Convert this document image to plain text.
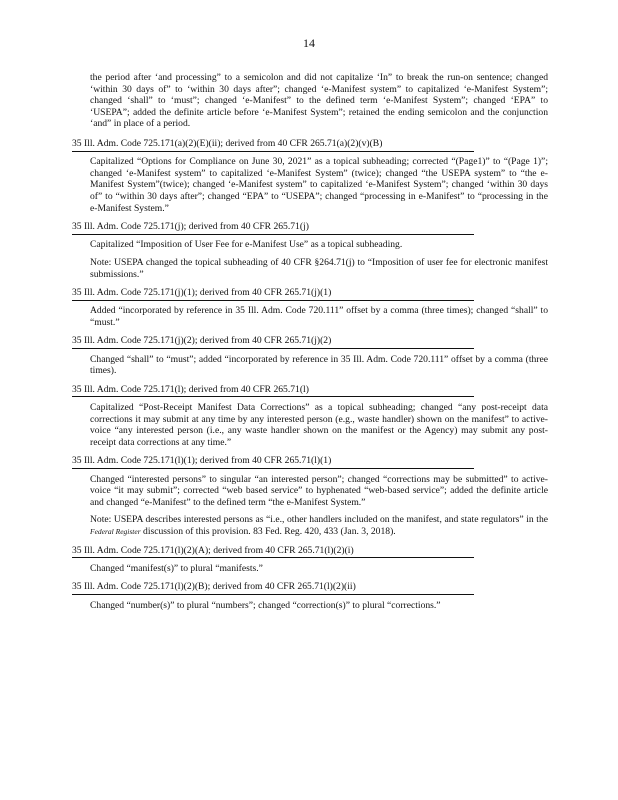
14
the period after ‘and processing” to a semicolon and did not capitalize ‘In” to break the run-on sentence; changed ‘within 30 days of” to ‘within 30 days after”; changed ‘e-Manifest system” to capitalized ‘e-Manifest System”; changed ‘shall” to ‘must”; changed ‘e-Manifest” to the defined term ‘e-Manifest System”; changed ‘EPA” to ‘USEPA”; added the definite article before ‘e-Manifest System”; retained the ending semicolon and the conjunction ‘and” in place of a period.
35 Ill. Adm. Code 725.171(a)(2)(E)(ii); derived from 40 CFR 265.71(a)(2)(v)(B)
Capitalized “Options for Compliance on June 30, 2021” as a topical subheading; corrected “(Page1)” to “(Page 1)”; changed ‘e-Manifest system” to capitalized ‘e-Manifest System” (twice); changed “the USEPA system” to “the e-Manifest System”(twice); changed ‘e-Manifest system” to capitalized ‘e-Manifest System”; changed ‘within 30 days of” to “within 30 days after”; changed “EPA” to “USEPA”; changed “processing in e-Manifest” to “processing in the e-Manifest System.”
35 Ill. Adm. Code 725.171(j); derived from 40 CFR 265.71(j)
Capitalized “Imposition of User Fee for e-Manifest Use” as a topical subheading.
Note: USEPA changed the topical subheading of 40 CFR §264.71(j) to “Imposition of user fee for electronic manifest submissions.”
35 Ill. Adm. Code 725.171(j)(1); derived from 40 CFR 265.71(j)(1)
Added “incorporated by reference in 35 Ill. Adm. Code 720.111” offset by a comma (three times); changed “shall” to “must.”
35 Ill. Adm. Code 725.171(j)(2); derived from 40 CFR 265.71(j)(2)
Changed “shall” to “must”; added “incorporated by reference in 35 Ill. Adm. Code 720.111” offset by a comma (three times).
35 Ill. Adm. Code 725.171(l); derived from 40 CFR 265.71(l)
Capitalized “Post-Receipt Manifest Data Corrections” as a topical subheading; changed “any post-receipt data corrections it may submit at any time by any interested person (e.g., waste handler) shown on the manifest” to active-voice “any interested person (i.e., any waste handler shown on the manifest or the Agency) may submit any post-receipt data corrections at any time.”
35 Ill. Adm. Code 725.171(l)(1); derived from 40 CFR 265.71(l)(1)
Changed “interested persons” to singular “an interested person”; changed “corrections may be submitted” to active-voice “it may submit”; corrected “web based service” to hyphenated “web-based service”; added the definite article and changed “e-Manifest” to the defined term “the e-Manifest System.”
Note: USEPA describes interested persons as “i.e., other handlers included on the manifest, and state regulators” in the Federal Register discussion of this provision. 83 Fed. Reg. 420, 433 (Jan. 3, 2018).
35 Ill. Adm. Code 725.171(l)(2)(A); derived from 40 CFR 265.71(l)(2)(i)
Changed “manifest(s)” to plural “manifests.”
35 Ill. Adm. Code 725.171(l)(2)(B); derived from 40 CFR 265.71(l)(2)(ii)
Changed “number(s)” to plural “numbers”; changed “correction(s)” to plural “corrections.”
